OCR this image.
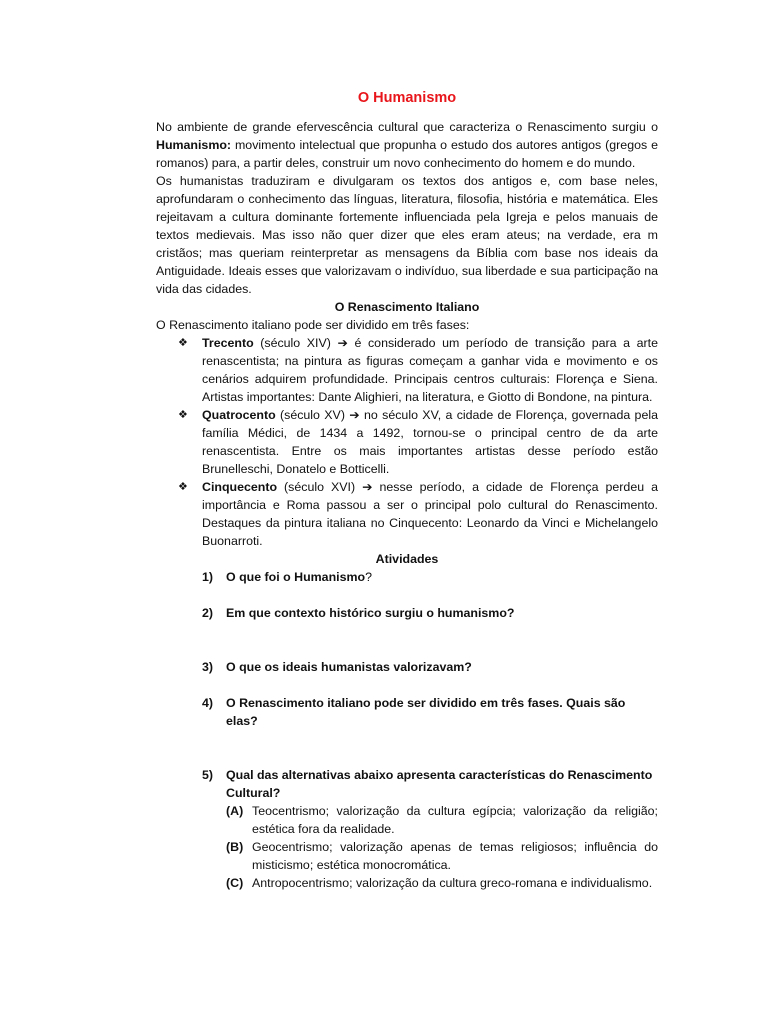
O Humanismo

No ambiente de grande efervescência cultural que caracteriza o Renascimento surgiu o Humanismo: movimento intelectual que propunha o estudo dos autores antigos (gregos e romanos) para, a partir deles, construir um novo conhecimento do homem e do mundo.

Os humanistas traduziram e divulgaram os textos dos antigos e, com base neles, aprofundaram o conhecimento das línguas, literatura, filosofia, história e matemática. Eles rejeitavam a cultura dominante fortemente influenciada pela Igreja e pelos manuais de textos medievais. Mas isso não quer dizer que eles eram ateus; na verdade, era m cristãos; mas queriam reinterpretar as mensagens da Bíblia com base nos ideais da Antiguidade. Ideais esses que valorizavam o indivíduo, sua liberdade e sua participação na vida das cidades.

O Renascimento Italiano

O Renascimento italiano pode ser dividido em três fases:

❖ Trecento (século XIV) ➔ é considerado um período de transição para a arte renascentista; na pintura as figuras começam a ganhar vida e movimento e os cenários adquirem profundidade. Principais centros culturais: Florença e Siena. Artistas importantes: Dante Alighieri, na literatura, e Giotto di Bondone, na pintura.
❖ Quatrocento (século XV) ➔ no século XV, a cidade de Florença, governada pela família Médici, de 1434 a 1492, tornou-se o principal centro de da arte renascentista. Entre os mais importantes artistas desse período estão Brunelleschi, Donatelo e Botticelli.
❖ Cinquecento (século XVI) ➔ nesse período, a cidade de Florença perdeu a importância e Roma passou a ser o principal polo cultural do Renascimento. Destaques da pintura italiana no Cinquecento: Leonardo da Vinci e Michelangelo Buonarroti.

Atividades

1) O que foi o Humanismo?
2) Em que contexto histórico surgiu o humanismo?
3) O que os ideais humanistas valorizavam?
4) O Renascimento italiano pode ser dividido em três fases. Quais são elas?
5) Qual das alternativas abaixo apresenta características do Renascimento Cultural?
(A) Teocentrismo; valorização da cultura egípcia; valorização da religião; estética fora da realidade.
(B) Geocentrismo; valorização apenas de temas religiosos; influência do misticismo; estética monocromática.
(C) Antropocentrismo; valorização da cultura greco-romana e individualismo.
